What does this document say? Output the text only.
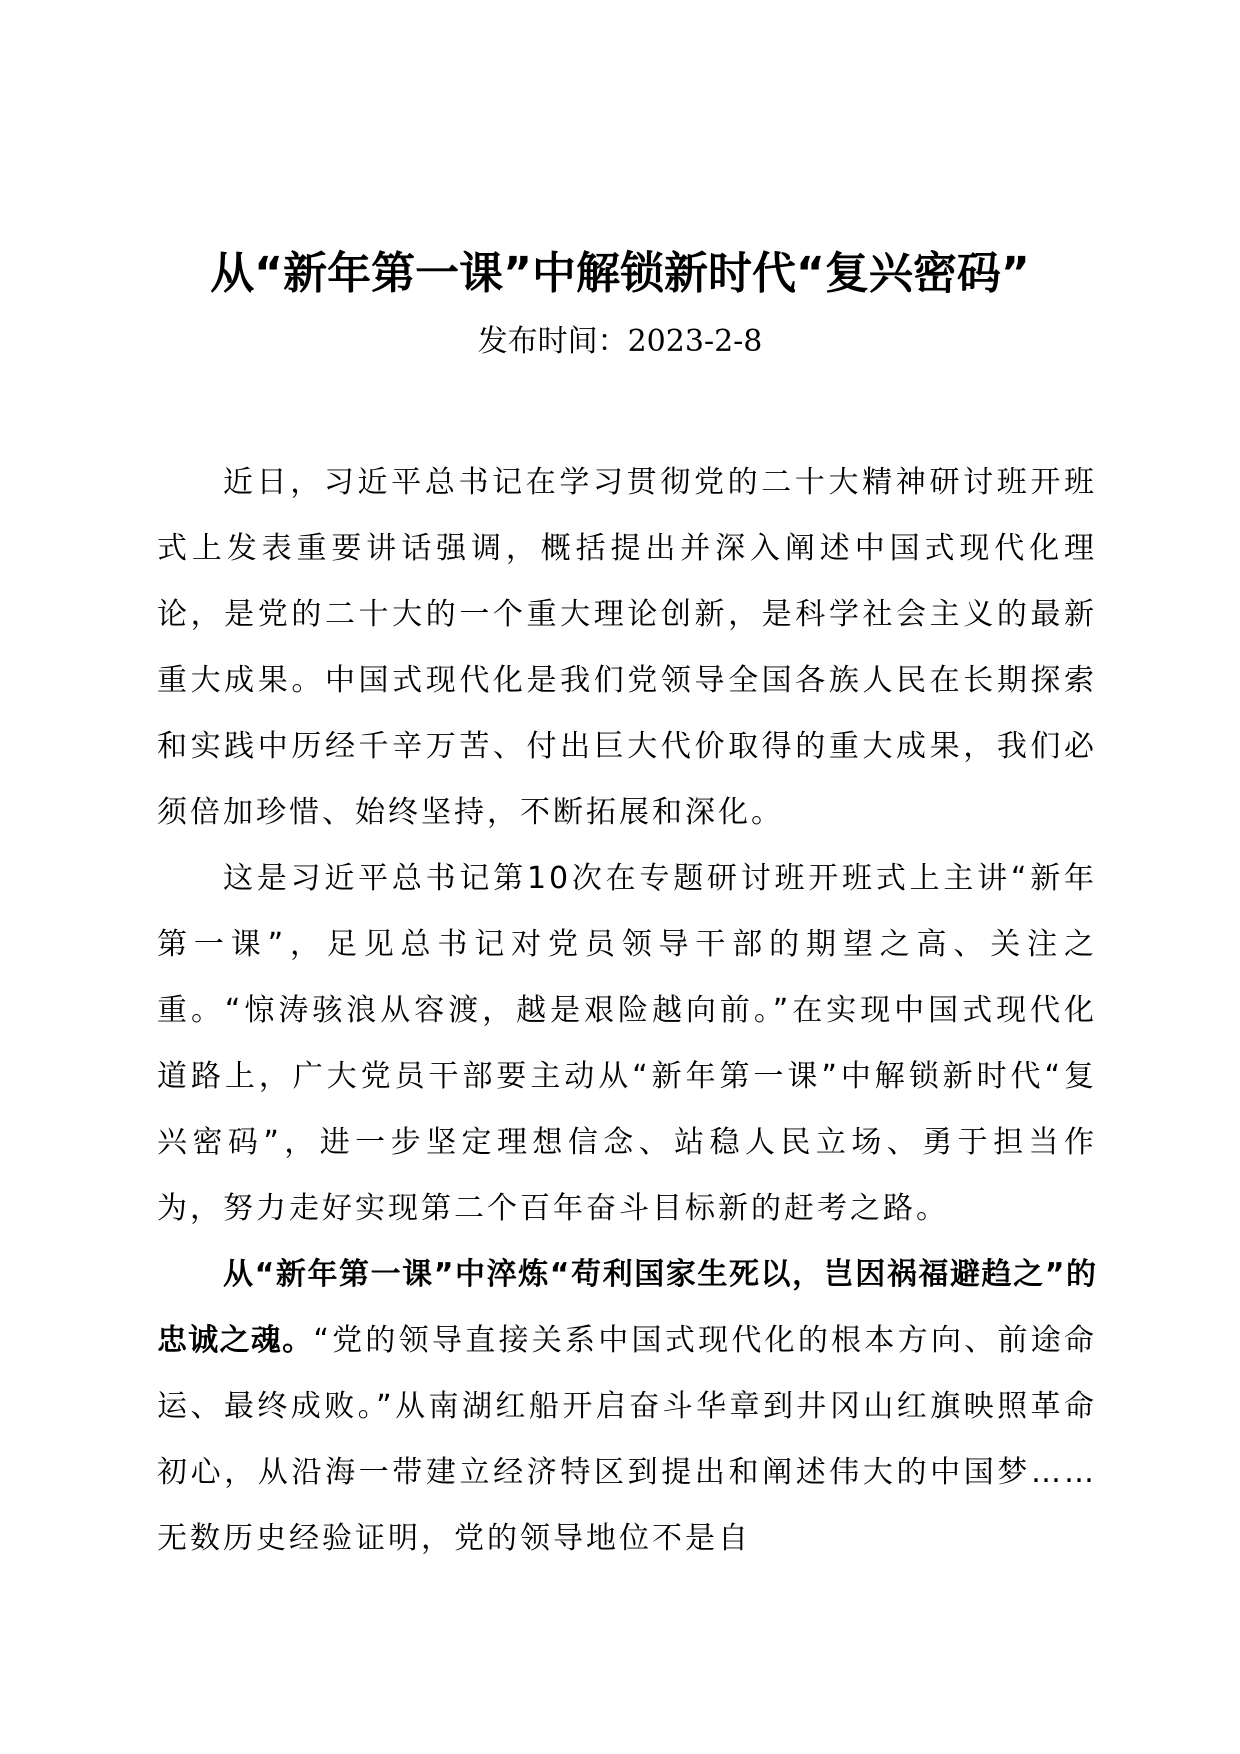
从“新年第一课”中解锁新时代“复兴密码”
发布时间：2023-2-8

近日，习近平总书记在学习贯彻党的二十大精神研讨班开班式上发表重要讲话强调，概括提出并深入阐述中国式现代化理论，是党的二十大的一个重大理论创新，是科学社会主义的最新重大成果。中国式现代化是我们党领导全国各族人民在长期探索和实践中历经千辛万苦、付出巨大代价取得的重大成果，我们必须倍加珍惜、始终坚持，不断拓展和深化。

这是习近平总书记第10次在专题研讨班开班式上主讲“新年第一课”，足见总书记对党员领导干部的期望之高、关注之重。“惊涛骇浪从容渡，越是艰险越向前。”在实现中国式现代化道路上，广大党员干部要主动从“新年第一课”中解锁新时代“复兴密码”，进一步坚定理想信念、站稳人民立场、勇于担当作为，努力走好实现第二个百年奋斗目标新的赶考之路。

从“新年第一课”中淬炼“苟利国家生死以，岂因祸福避趋之”的忠诚之魂。“党的领导直接关系中国式现代化的根本方向、前途命运、最终成败。”从南湖红船开启奋斗华章到井冈山红旗映照革命初心，从沿海一带建立经济特区到提出和阐述伟大的中国梦……无数历史经验证明，党的领导地位不是自
